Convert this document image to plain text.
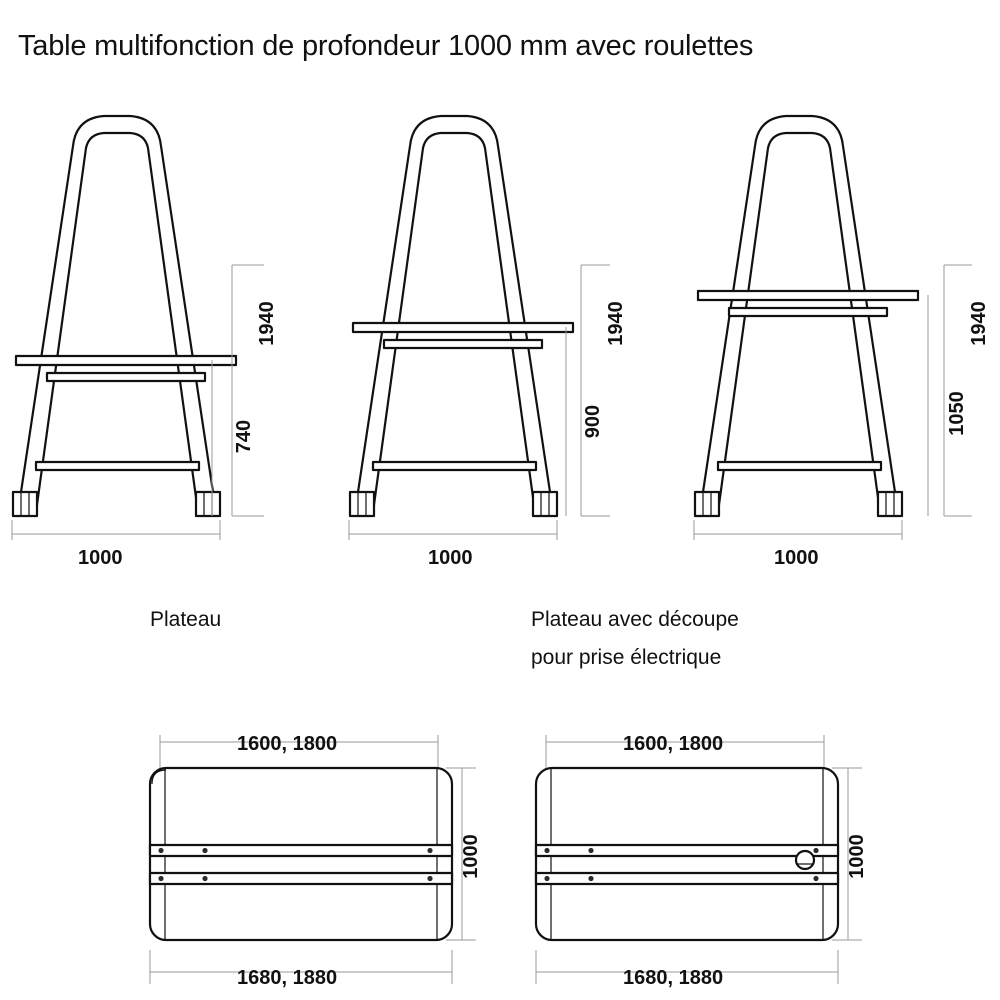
Table multifonction de profondeur 1000 mm avec roulettes
1940
740
1000
1940
900
1000
1940
1050
1000
Plateau	Plateau avec découpe
pour prise électrique
1600, 1800
1680, 1880
1000
1600, 1800
1680, 1880
1000
